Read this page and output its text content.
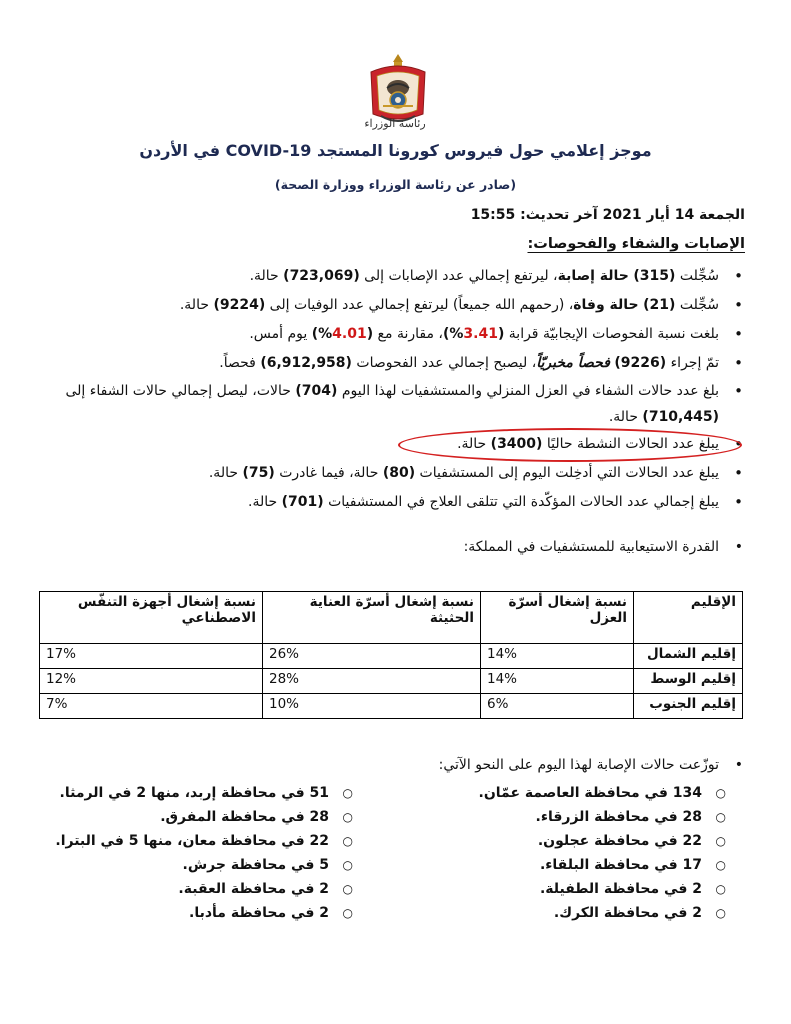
رئاسة الوزراء
موجز إعلامي حول فيروس كورونا المستجد COVID-19 في الأردن
(صادر عن رئاسة الوزراء ووزارة الصحة)
الجمعة 14 أيار 2021 آخر تحديث: 15:55
الإصابات والشفاء والفحوصات:
• سُجِّلت (315) حالة إصابة، ليرتفع إجمالي عدد الإصابات إلى (723,069) حالة.
• سُجِّلت (21) حالة وفاة، (رحمهم الله جميعاً) ليرتفع إجمالي عدد الوفيات إلى (9224) حالة.
• بلغت نسبة الفحوصات الإيجابيّة قرابة (3.41%)، مقارنة مع (4.01%) يوم أمس.
• تمّ إجراء (9226) فحصاً مخبريّاً، ليصبح إجمالي عدد الفحوصات (6,912,958) فحصاً.
• بلغ عدد حالات الشفاء في العزل المنزلي والمستشفيات لهذا اليوم (704) حالات، ليصل إجمالي حالات الشفاء إلى (710,445) حالة.
• يبلغ عدد الحالات النشطة حاليًا (3400) حالة.
• يبلغ عدد الحالات التي أدخِلت اليوم إلى المستشفيات (80) حالة، فيما غادرت (75) حالة.
• يبلغ إجمالي عدد الحالات المؤكّدة التي تتلقى العلاج في المستشفيات (701) حالة.
• القدرة الاستيعابية للمستشفيات في المملكة:
الإقليم	نسبة إشغال أسرّة العزل	نسبة إشغال أسرّة العناية الحثيثة	نسبة إشغال أجهزة التنفّس الاصطناعي
إقليم الشمال	14%	26%	17%
إقليم الوسط	14%	28%	12%
إقليم الجنوب	6%	10%	7%
• توزّعت حالات الإصابة لهذا اليوم على النحو الآتي:
○ 134 في محافظة العاصمة عمّان.
○ 28 في محافظة الزرقاء.
○ 22 في محافظة عجلون.
○ 17 في محافظة البلقاء.
○ 2 في محافظة الطفيلة.
○ 2 في محافظة الكرك.
○ 51 في محافظة إربد، منها 2 في الرمثا.
○ 28 في محافظة المفرق.
○ 22 في محافظة معان، منها 5 في البترا.
○ 5 في محافظة جرش.
○ 2 في محافظة العقبة.
○ 2 في محافظة مأدبا.
